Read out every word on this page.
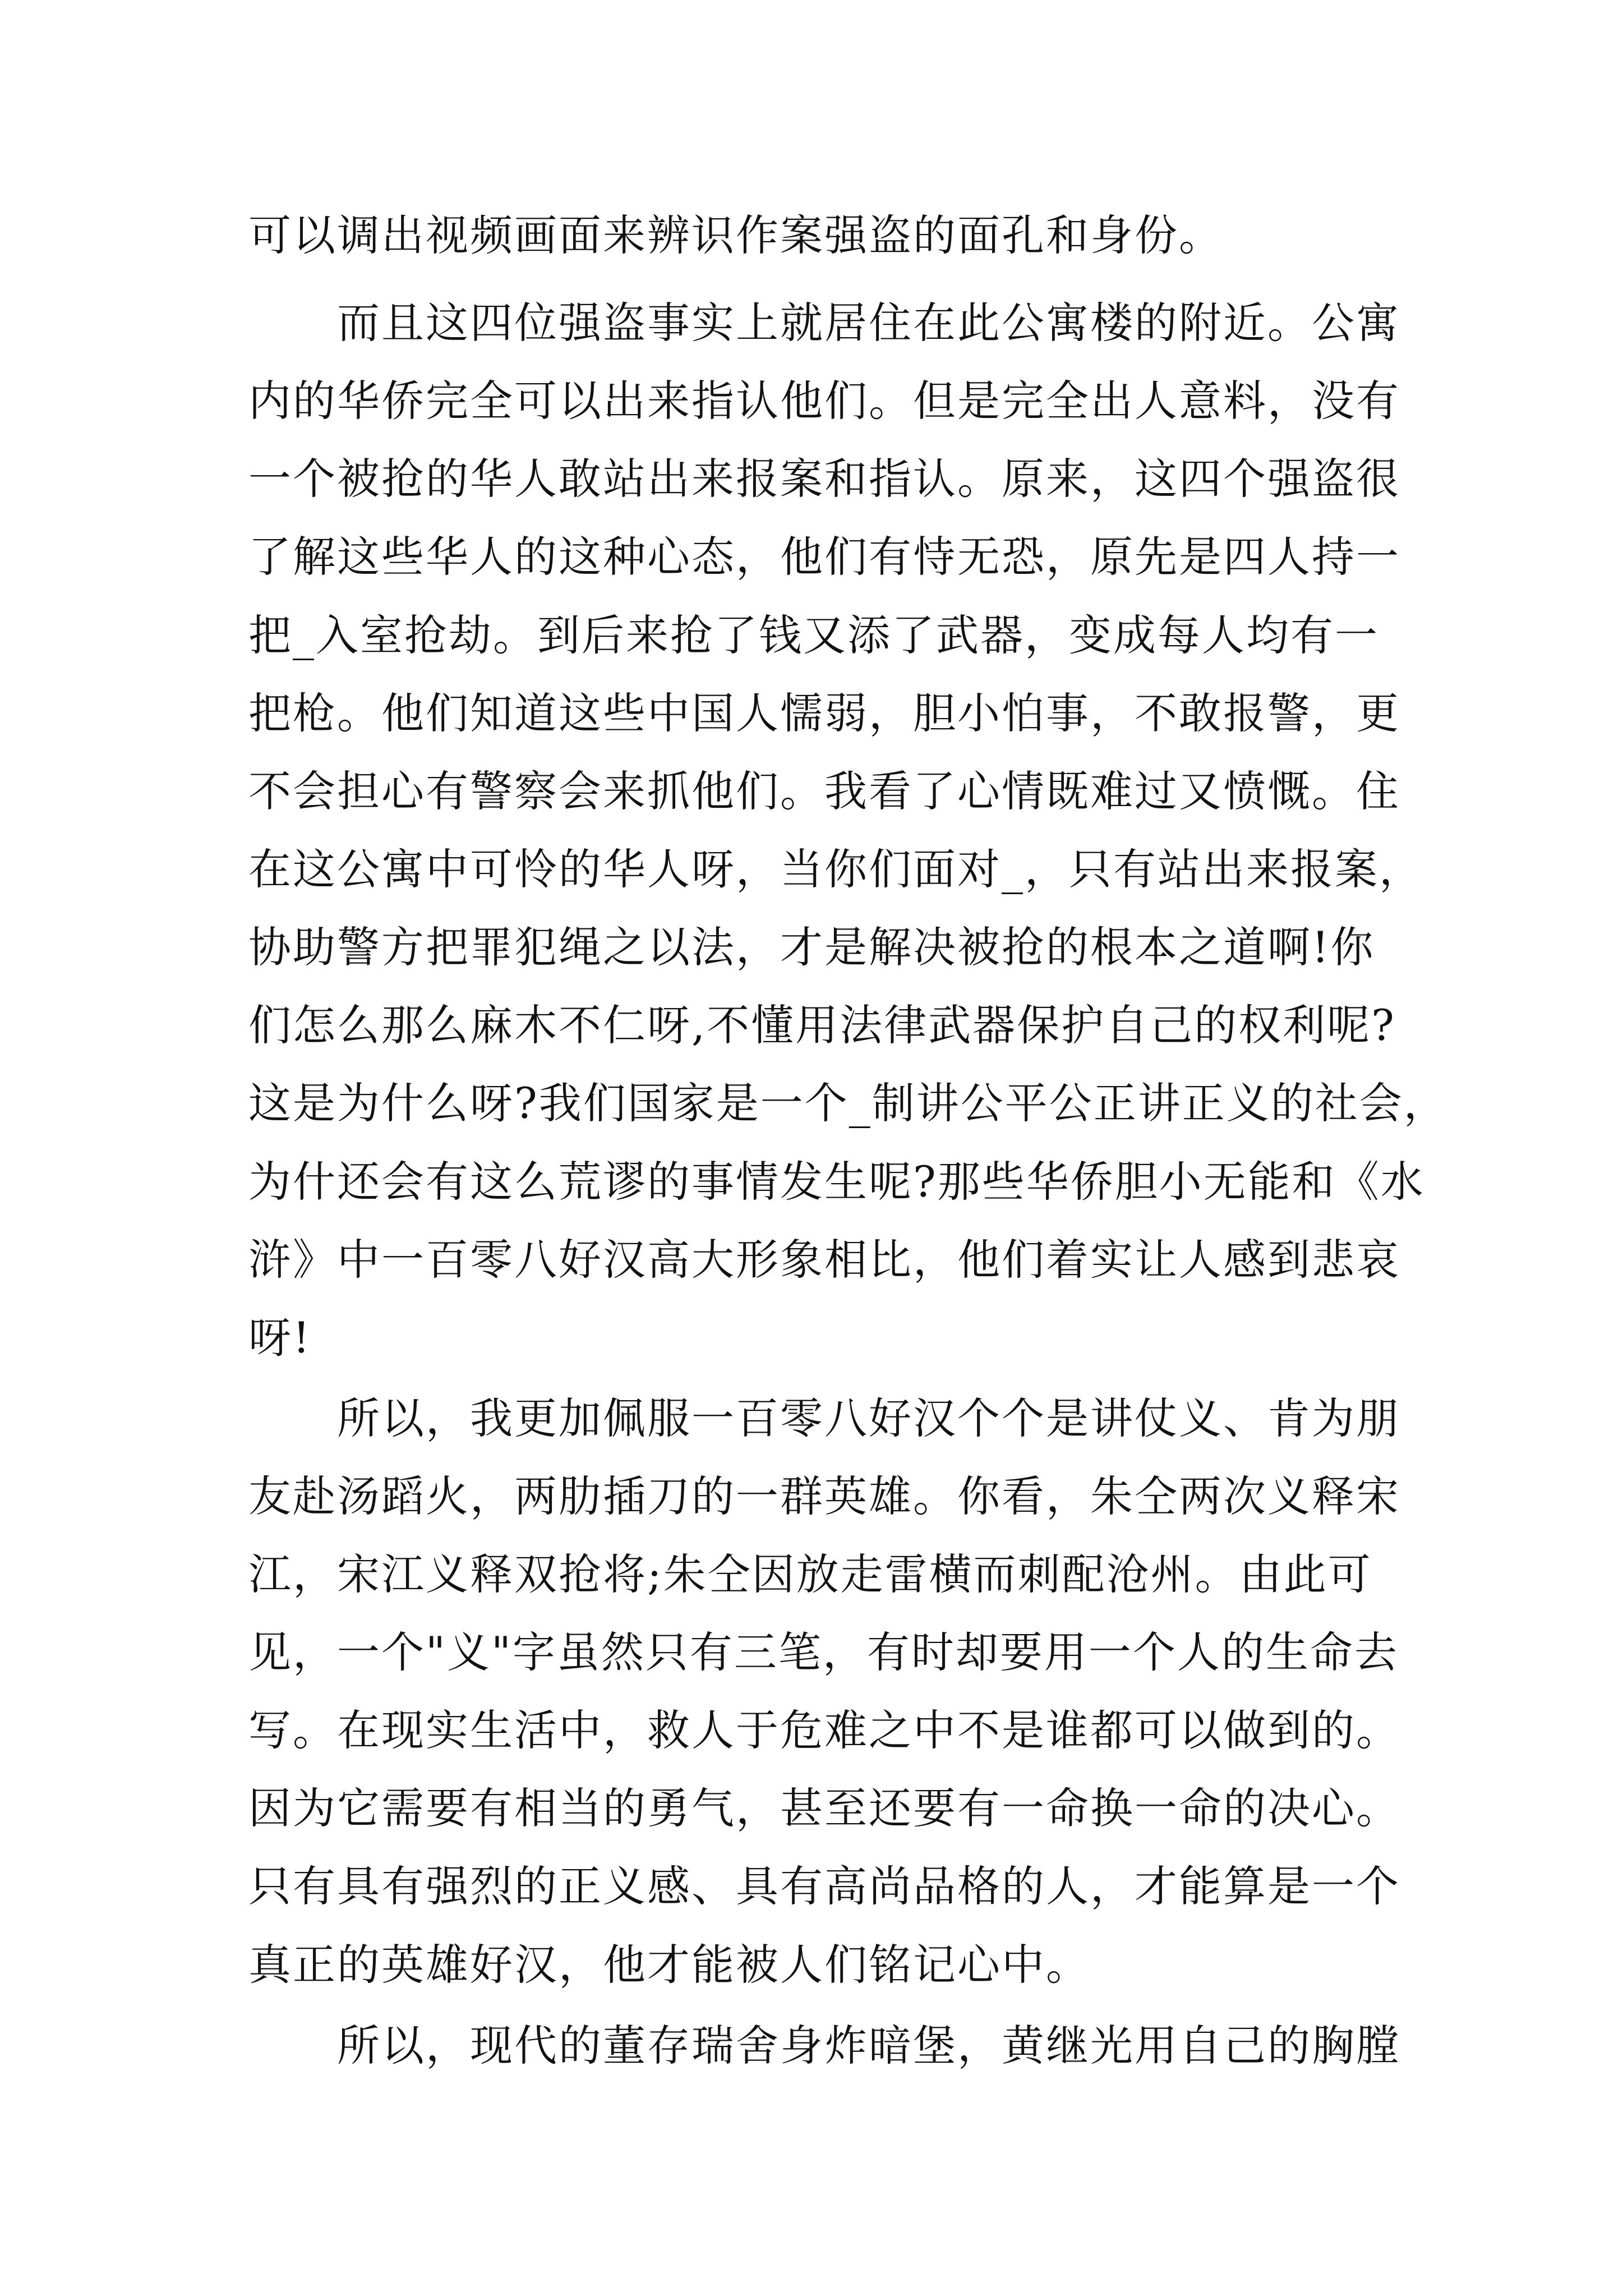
可以调出视频画面来辨识作案强盗的面孔和身份。
　　而且这四位强盗事实上就居住在此公寓楼的附近。公寓
内的华侨完全可以出来指认他们。但是完全出人意料，没有
一个被抢的华人敢站出来报案和指认。原来，这四个强盗很
了解这些华人的这种心态，他们有恃无恐，原先是四人持一
把_入室抢劫。到后来抢了钱又添了武器，变成每人均有一
把枪。他们知道这些中国人懦弱，胆小怕事，不敢报警，更
不会担心有警察会来抓他们。我看了心情既难过又愤慨。住
在这公寓中可怜的华人呀，当你们面对_，只有站出来报案，
协助警方把罪犯绳之以法，才是解决被抢的根本之道啊!你
们怎么那么麻木不仁呀,不懂用法律武器保护自己的权利呢?
这是为什么呀?我们国家是一个_制讲公平公正讲正义的社会，
为什还会有这么荒谬的事情发生呢?那些华侨胆小无能和《水
浒》中一百零八好汉高大形象相比，他们着实让人感到悲哀
呀!
　　所以，我更加佩服一百零八好汉个个是讲仗义、肯为朋
友赴汤蹈火，两肋插刀的一群英雄。你看，朱仝两次义释宋
江，宋江义释双抢将;朱仝因放走雷横而刺配沧州。由此可
见，一个"义"字虽然只有三笔，有时却要用一个人的生命去
写。在现实生活中，救人于危难之中不是谁都可以做到的。
因为它需要有相当的勇气，甚至还要有一命换一命的决心。
只有具有强烈的正义感、具有高尚品格的人，才能算是一个
真正的英雄好汉，他才能被人们铭记心中。
　　所以，现代的董存瑞舍身炸暗堡，黄继光用自己的胸膛
